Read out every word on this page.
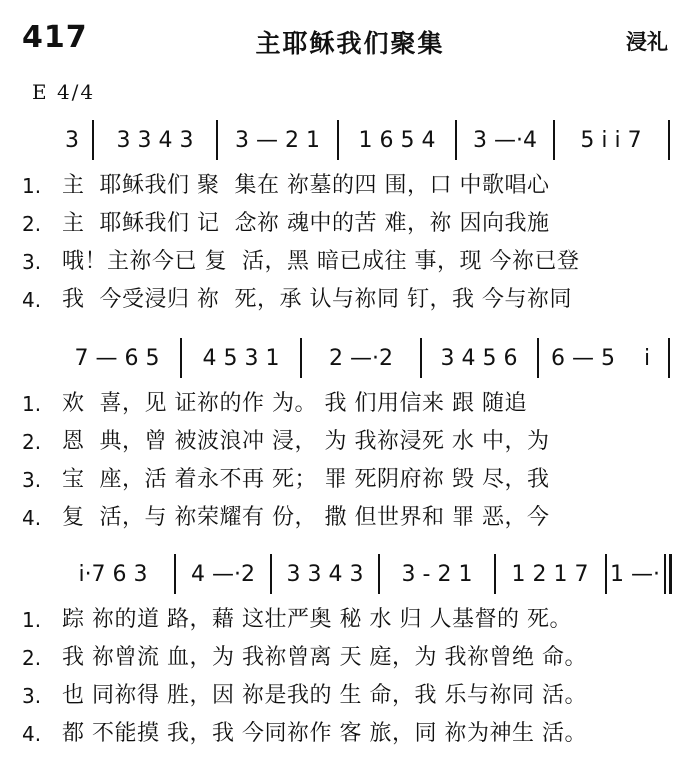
417	主耶稣我们聚集	浸礼
E 4/4
3	3 3 4 3	3 — 2 1	1 6 5 4	3 —·4	5 i i 7
1. 主  耶稣我们 聚  集在 祢墓的四 围，口 中歌唱心
2. 主  耶稣我们 记  念祢 魂中的苦 难，祢 因向我施
3. 哦！主祢今已 复  活，黑 暗已成往 事，现 今祢已登
4. 我  今受浸归 祢  死，承 认与祢同 钉，我 今与祢同
7 — 6 5	4 5 3 1	2 —·2	3 4 5 6	6 — 5	i
1. 欢  喜，见 证祢的作 为。 我 们用信来 跟 随追
2. 恩  典，曾 被波浪冲 浸， 为 我祢浸死 水 中，为
3. 宝  座，活 着永不再 死； 罪 死阴府祢 毁 尽，我
4. 复  活，与 祢荣耀有 份， 撒 但世界和 罪 恶，今
i·7 6 3	4 —·2	3 3 4 3	3 - 2 1	1 2 1 7 1 —·
1. 踪 祢的道 路，藉 这壮严奥 秘 水 归 人基督的 死。
2. 我 祢曾流 血，为 我祢曾离 天 庭，为 我祢曾绝 命。
3. 也 同祢得 胜，因 祢是我的 生 命，我 乐与祢同 活。
4. 都 不能摸 我，我 今同祢作 客 旅，同 祢为神生 活。
